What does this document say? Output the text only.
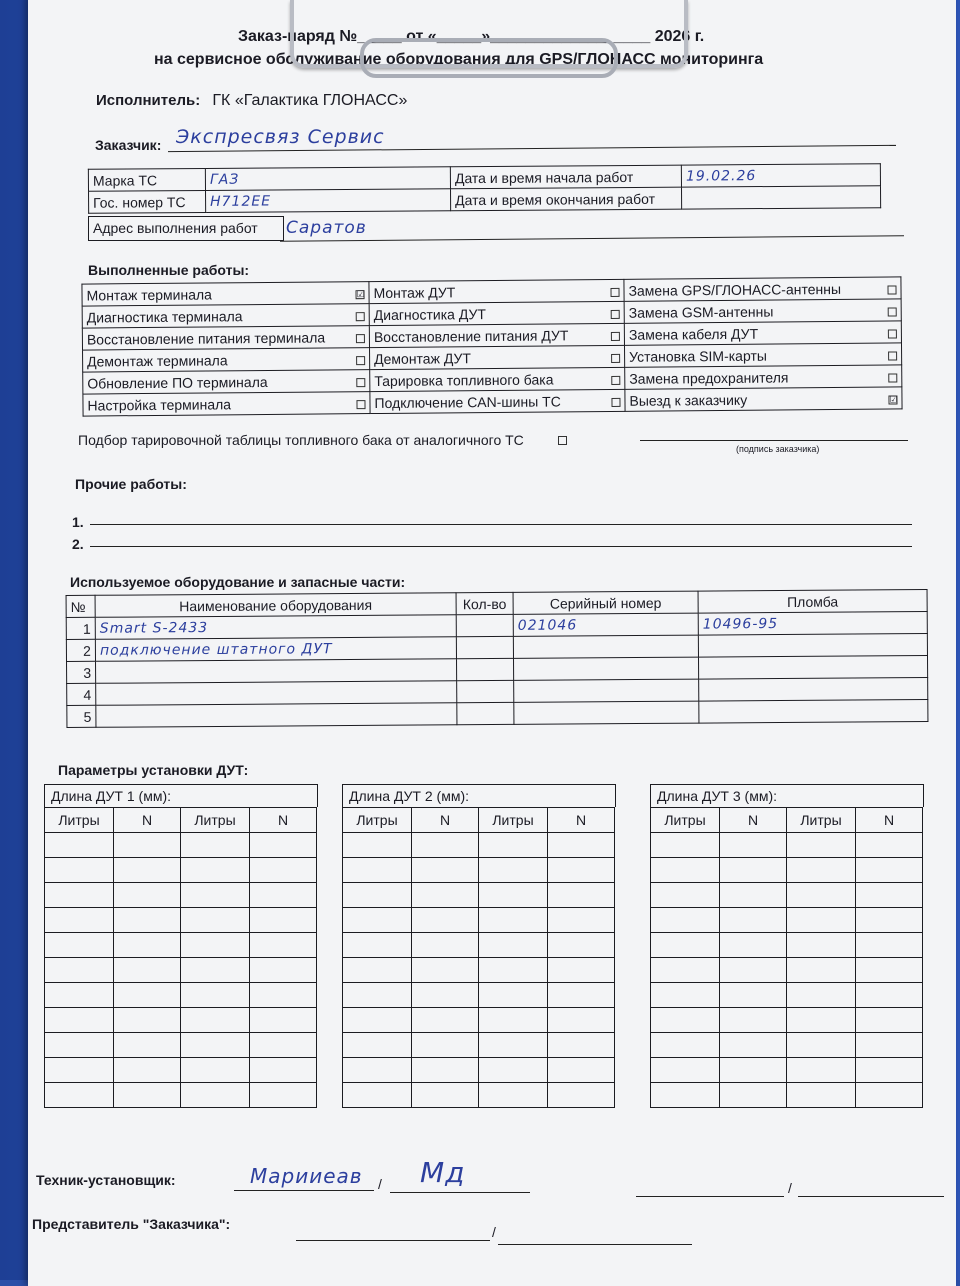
Заказ-наряд №_____ от «_____»__________________ 2026 г.
на сервисное обслуживание оборудования для GPS/ГЛОНАСС мониторинга
Исполнитель: ГК «Галактика ГЛОНАСС»
Заказчик: Экспресвяз Сервис
Марка ТС	ГАЗ	Дата и время начала работ	19.02.26
Гос. номер ТС	Н712ЕЕ	Дата и время окончания работ	
Адрес выполнения работ	Саратов
Выполненные работы:
Монтаж терминала ☑	Монтаж ДУТ	Замена GPS/ГЛОНАСС-антенны

Диагностика терминала	Диагностика ДУТ	Замена GSM-антенны

Восстановление питания терминала	Восстановление питания ДУТ	Замена кабеля ДУТ

Демонтаж терминала	Демонтаж ДУТ	Установка SIM-карты

Обновление ПО терминала	Тарировка топливного бака	Замена предохранителя

Настройка терминала	Подключение CAN-шины ТС	Выезд к заказчику ☑
Подбор тарировочной таблицы топливного бака от аналогичного ТС
(подпись заказчика)
Прочие работы:
1.
2.
Используемое оборудование и запасные части:
№	Наименование оборудования	Кол-во	Серийный номер	Пломба
1	Smart S-2433		021046	10496-95
2	подключение штатного ДУТ			
3				
4				
5				
Параметры установки ДУТ:
Длина ДУТ 1 (мм):
Литры	N	Литры	N

Длина ДУТ 2 (мм):
Литры	N	Литры	N

Длина ДУТ 3 (мм):
Литры	N	Литры	N

Техник-установщик:	Марииеав / Мд	/
Представитель "Заказчика":	/
